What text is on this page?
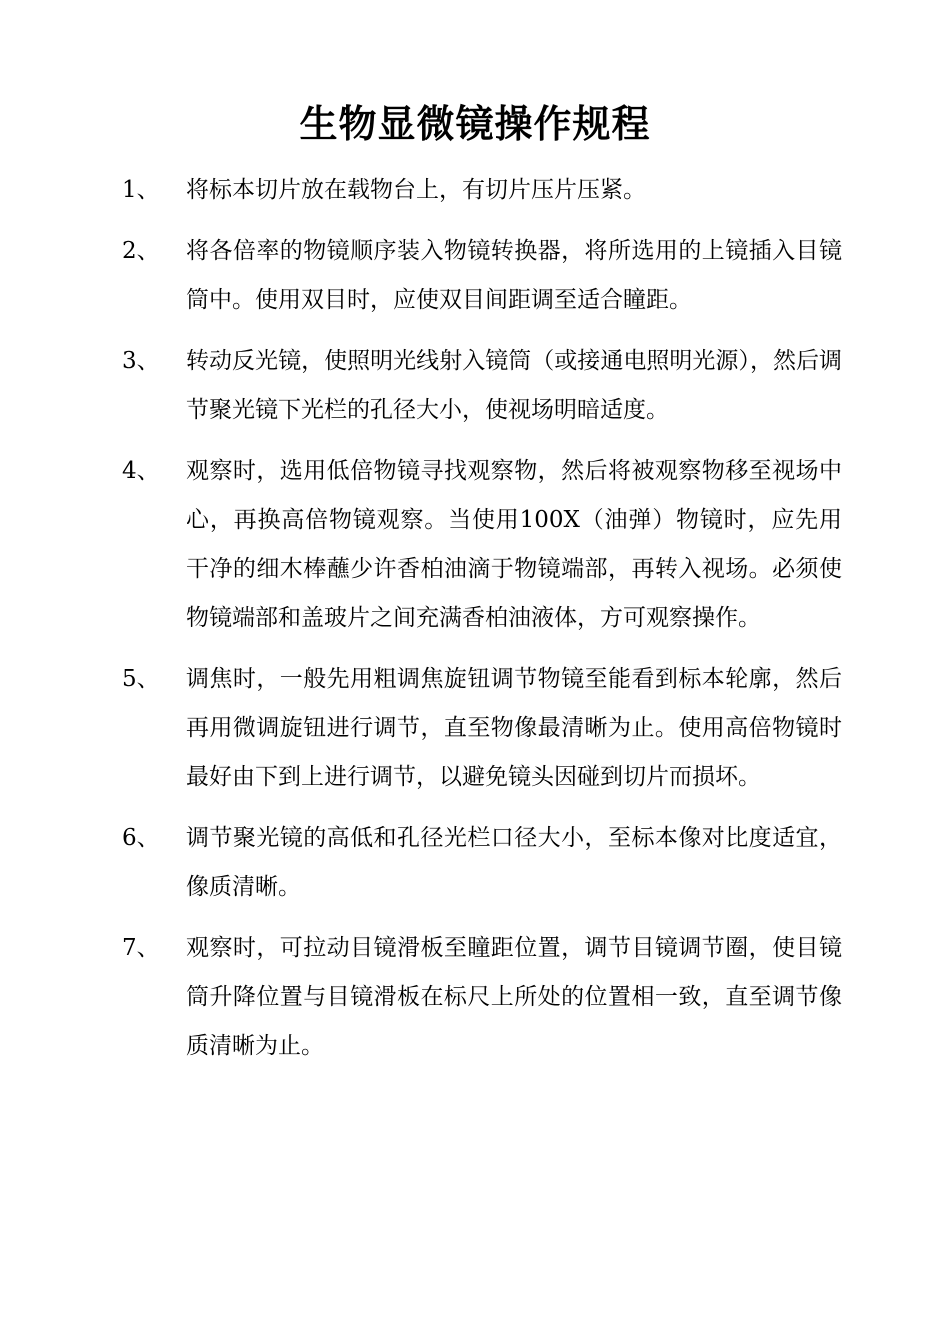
生物显微镜操作规程
1、	将标本切片放在载物台上，有切片压片压紧。
2、	将各倍率的物镜顺序装入物镜转换器，将所选用的上镜插入目镜筒中。使用双目时，应使双目间距调至适合瞳距。
3、	转动反光镜，使照明光线射入镜筒（或接通电照明光源），然后调节聚光镜下光栏的孔径大小，使视场明暗适度。
4、	观察时，选用低倍物镜寻找观察物，然后将被观察物移至视场中心，再换高倍物镜观察。当使用100X（油弹）物镜时，应先用干净的细木棒蘸少许香柏油滴于物镜端部，再转入视场。必须使物镜端部和盖玻片之间充满香柏油液体，方可观察操作。
5、	调焦时，一般先用粗调焦旋钮调节物镜至能看到标本轮廓，然后再用微调旋钮进行调节，直至物像最清晰为止。使用高倍物镜时最好由下到上进行调节，以避免镜头因碰到切片而损坏。
6、	调节聚光镜的高低和孔径光栏口径大小，至标本像对比度适宜，像质清晰。
7、	观察时，可拉动目镜滑板至瞳距位置，调节目镜调节圈，使目镜筒升降位置与目镜滑板在标尺上所处的位置相一致，直至调节像质清晰为止。
